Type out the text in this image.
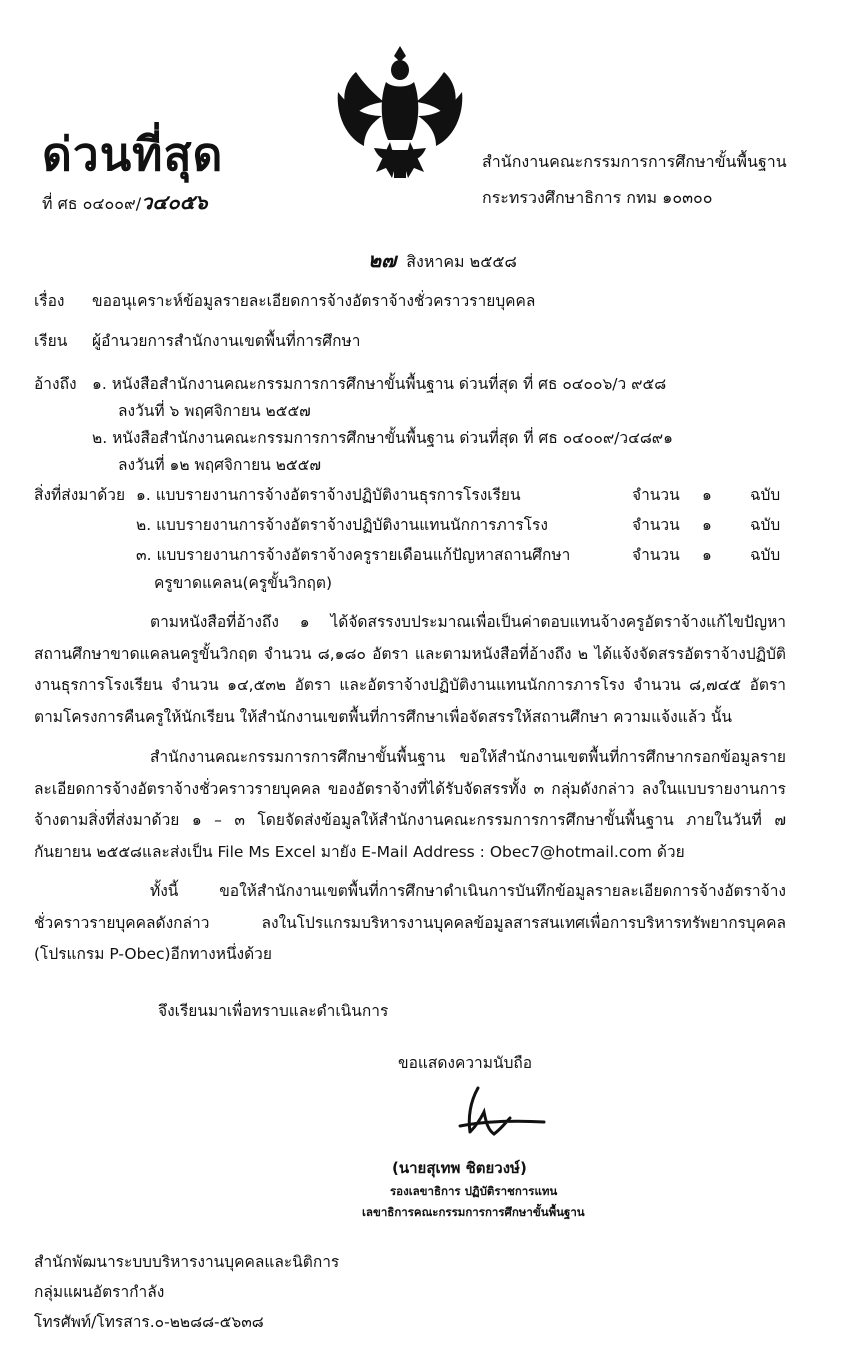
ด่วนที่สุด
ที่ ศธ ๐๔๐๐๙/ว๔๐๕๖
สำนักงานคณะกรรมการการศึกษาขั้นพื้นฐาน
กระทรวงศึกษาธิการ กทม ๑๐๓๐๐
๒๗ สิงหาคม ๒๕๕๘
เรื่อง ขออนุเคราะห์ข้อมูลรายละเอียดการจ้างอัตราจ้างชั่วคราวรายบุคคล
เรียน ผู้อำนวยการสำนักงานเขตพื้นที่การศึกษา
อ้างถึง ๑. หนังสือสำนักงานคณะกรรมการการศึกษาขั้นพื้นฐาน ด่วนที่สุด ที่ ศธ ๐๔๐๐๖/ว ๙๕๘
ลงวันที่ ๖ พฤศจิกายน ๒๕๕๗
๒. หนังสือสำนักงานคณะกรรมการการศึกษาขั้นพื้นฐาน ด่วนที่สุด ที่ ศธ ๐๔๐๐๙/ว๔๘๙๑
ลงวันที่ ๑๒ พฤศจิกายน ๒๕๕๗
สิ่งที่ส่งมาด้วย ๑. แบบรายงานการจ้างอัตราจ้างปฏิบัติงานธุรการโรงเรียน	จำนวน ๑ ฉบับ
๒. แบบรายงานการจ้างอัตราจ้างปฏิบัติงานแทนนักการภารโรง	จำนวน ๑ ฉบับ
๓. แบบรายงานการจ้างอัตราจ้างครูรายเดือนแก้ปัญหาสถานศึกษา	จำนวน ๑ ฉบับ
ครูขาดแคลน(ครูขั้นวิกฤต)
ตามหนังสือที่อ้างถึง ๑ ได้จัดสรรงบประมาณเพื่อเป็นค่าตอบแทนจ้างครูอัตราจ้างแก้ไขปัญหาสถานศึกษาขาดแคลนครูขั้นวิกฤต จำนวน ๘,๑๘๐ อัตรา และตามหนังสือที่อ้างถึง ๒ ได้แจ้งจัดสรรอัตราจ้างปฏิบัติงานธุรการโรงเรียน จำนวน ๑๔,๕๓๒ อัตรา และอัตราจ้างปฏิบัติงานแทนนักการภารโรง จำนวน ๘,๗๔๕ อัตราตามโครงการคืนครูให้นักเรียน ให้สำนักงานเขตพื้นที่การศึกษาเพื่อจัดสรรให้สถานศึกษา ความแจ้งแล้ว นั้น
สำนักงานคณะกรรมการการศึกษาขั้นพื้นฐาน ขอให้สำนักงานเขตพื้นที่การศึกษากรอกข้อมูลรายละเอียดการจ้างอัตราจ้างชั่วคราวรายบุคคล ของอัตราจ้างที่ได้รับจัดสรรทั้ง ๓ กลุ่มดังกล่าว ลงในแบบรายงานการจ้างตามสิ่งที่ส่งมาด้วย ๑ – ๓ โดยจัดส่งข้อมูลให้สำนักงานคณะกรรมการการศึกษาขั้นพื้นฐาน ภายในวันที่ ๗ กันยายน ๒๕๕๘และส่งเป็น File Ms Excel มายัง E-Mail Address : Obec7@hotmail.com ด้วย
ทั้งนี้ ขอให้สำนักงานเขตพื้นที่การศึกษาดำเนินการบันทึกข้อมูลรายละเอียดการจ้างอัตราจ้างชั่วคราวรายบุคคลดังกล่าว ลงในโปรแกรมบริหารงานบุคคลข้อมูลสารสนเทศเพื่อการบริหารทรัพยากรบุคคล (โปรแกรม P-Obec)อีกทางหนึ่งด้วย
จึงเรียนมาเพื่อทราบและดำเนินการ
ขอแสดงความนับถือ
(นายสุเทพ ชิตยวงษ์)
รองเลขาธิการ ปฏิบัติราชการแทน
เลขาธิการคณะกรรมการการศึกษาขั้นพื้นฐาน
สำนักพัฒนาระบบบริหารงานบุคคลและนิติการ
กลุ่มแผนอัตรากำลัง
โทรศัพท์/โทรสาร.๐-๒๒๘๘-๕๖๓๘
